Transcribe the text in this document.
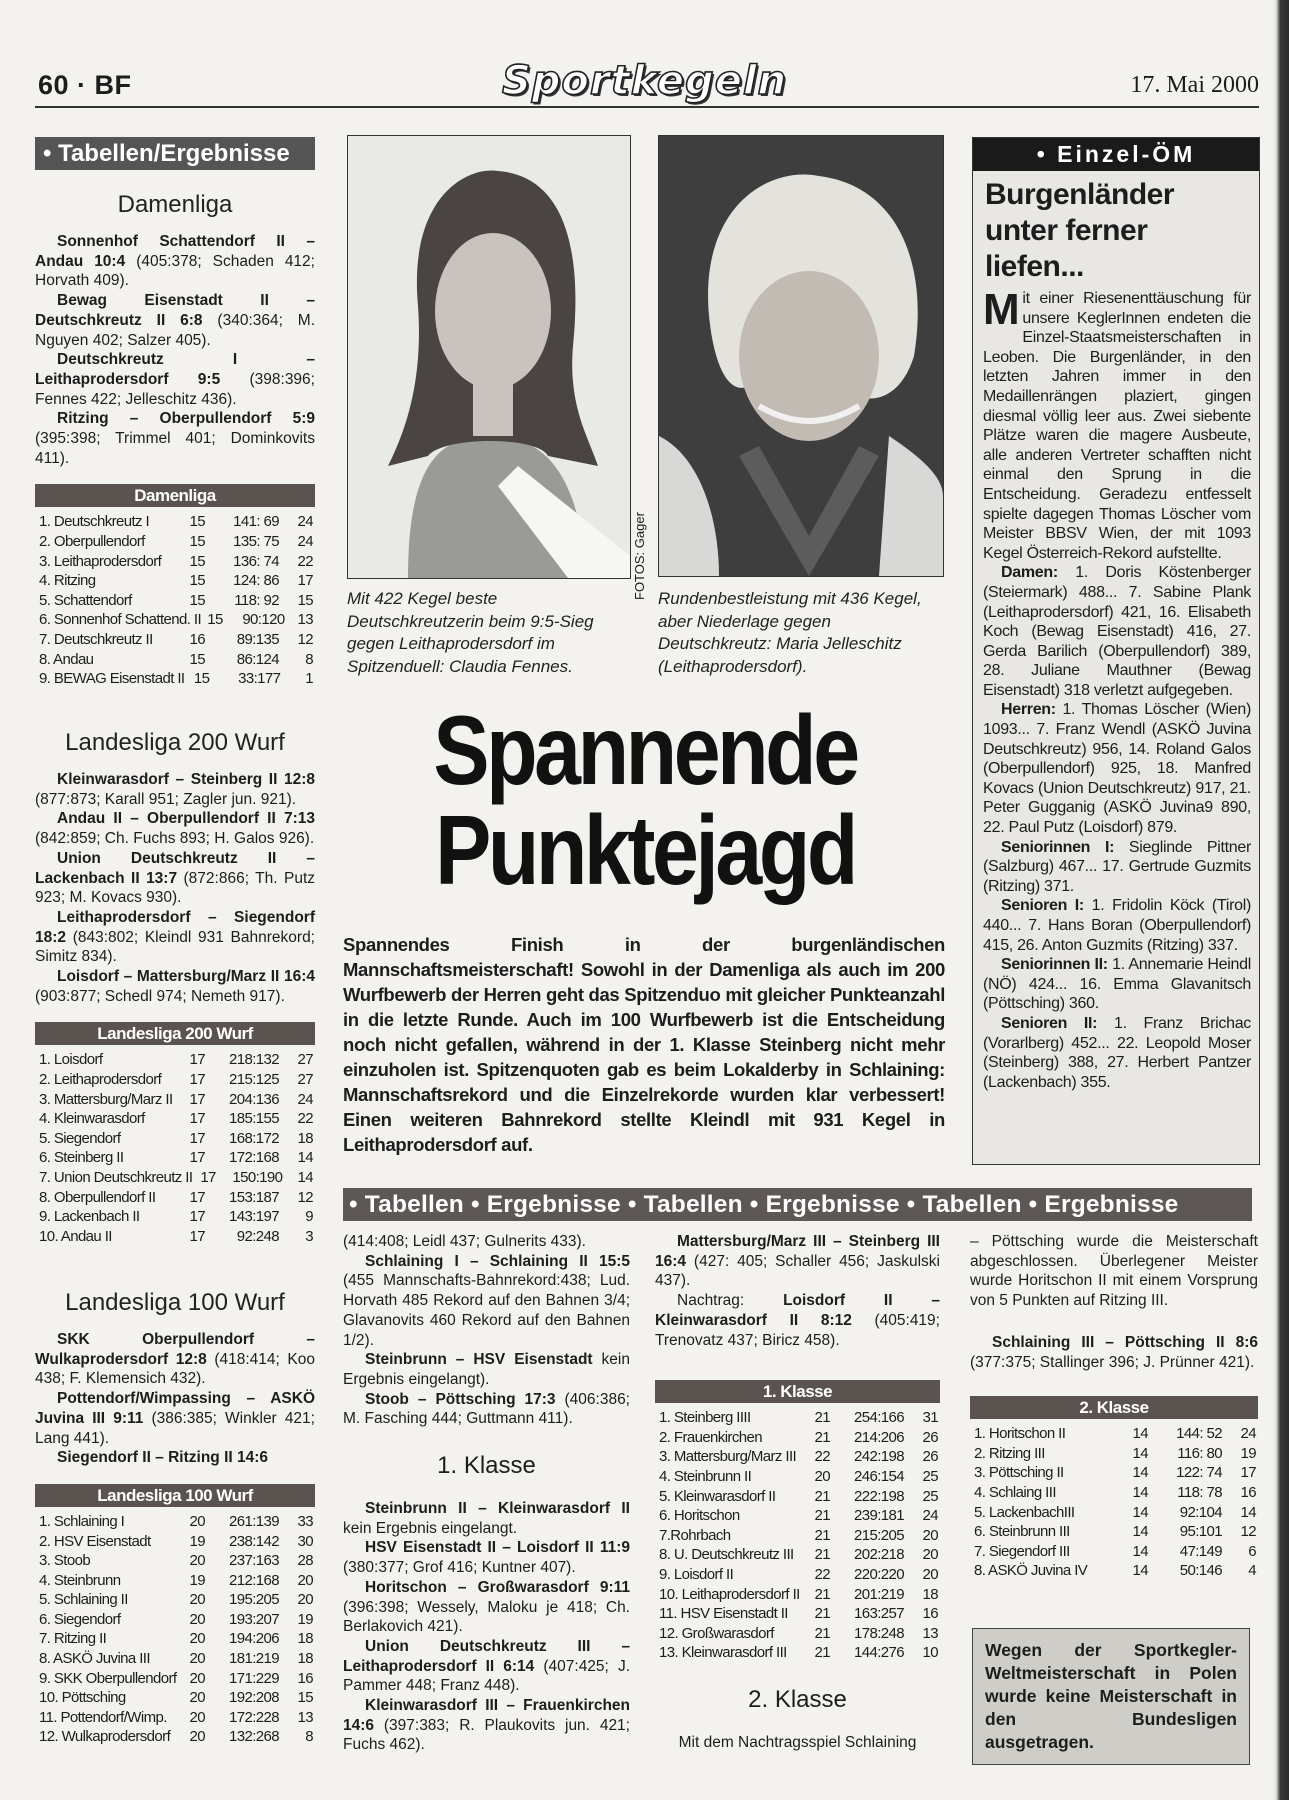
60 · BF	Sportkegeln	17. Mai 2000
• Tabellen/Ergebnisse
Damenliga

Sonnenhof Schattendorf II – Andau 10:4 (405:378; Schaden 412; Horvath 409).

Bewag Eisenstadt II – Deutschkreutz II 6:8 (340:364; M. Nguyen 402; Salzer 405).

Deutschkreutz I – Leithaprodersdorf 9:5 (398:396; Fennes 422; Jelleschitz 436).

Ritzing – Oberpullendorf 5:9 (395:398; Trimmel 401; Dominkovits 411).

Damenliga
1. Deutschkreutz I	15	141: 69	24
2. Oberpullendorf	15	135: 75	24
3. Leithaprodersdorf	15	136: 74	22
4. Ritzing	15	124: 86	17
5. Schattendorf	15	118: 92	15
6. Sonnenhof Schattend. II 15	90:120 13
7. Deutschkreutz II	16	89:135	12
8. Andau	15	86:124	8
9. BEWAG Eisenstadt II 15	33:177	1
Landesliga 200 Wurf

Kleinwarasdorf – Steinberg II 12:8 (877:873; Karall 951; Zagler jun. 921).

Andau II – Oberpullendorf II 7:13 (842:859; Ch. Fuchs 893; H. Galos 926).

Union Deutschkreutz II – Lackenbach II 13:7 (872:866; Th. Putz 923; M. Kovacs 930).

Leithaprodersdorf – Siegendorf 18:2 (843:802; Kleindl 931 Bahnrekord; Simitz 834).

Loisdorf – Mattersburg/Marz II 16:4 (903:877; Schedl 974; Nemeth 917).

Landesliga 200 Wurf
1. Loisdorf	17	218:132	27
2. Leithaprodersdorf	17	215:125	27
3. Mattersburg/Marz II	17	204:136	24
4. Kleinwarasdorf	17	185:155	22
5. Siegendorf	17	168:172	18
6. Steinberg II	17	172:168	14
7. Union Deutschkreutz II 17	150:190	14
8. Oberpullendorf II	17	153:187	12
9. Lackenbach II	17	143:197	9
10. Andau II	17	92:248	3
Landesliga 100 Wurf

SKK Oberpullendorf – Wulkaprodersdorf 12:8 (418:414; Koo 438; F. Klemensich 432).

Pottendorf/Wimpassing – ASKÖ Juvina III 9:11 (386:385; Winkler 421; Lang 441).

Siegendorf II – Ritzing II 14:6

Landesliga 100 Wurf
1. Schlaining I	20	261:139	33
2. HSV Eisenstadt	19	238:142	30
3. Stoob	20	237:163	28
4. Steinbrunn	19	212:168	20
5. Schlaining II	20	195:205	20
6. Siegendorf	20	193:207	19
7. Ritzing II	20	194:206	18
8. ASKÖ Juvina III	20	181:219	18
9. SKK Oberpullendorf 20	171:229	16
10. Pöttsching	20	192:208	15
11. Pottendorf/Wimp.	20	172:228	13
12. Wulkaprodersdorf	20	132:268	8
FOTOS: Gager
Mit 422 Kegel beste Deutschkreutzerin beim 9:5-Sieg gegen Leithaprodersdorf im Spitzenduell: Claudia Fennes.
Rundenbestleistung mit 436 Kegel, aber Niederlage gegen Deutschkreutz: Maria Jelleschitz (Leithaprodersdorf).
Spannende
Punktejagd
Spannendes Finish in der burgenländischen Mannschaftsmeisterschaft! Sowohl in der Damenliga als auch im 200 Wurfbewerb der Herren geht das Spitzenduo mit gleicher Punkteanzahl in die letzte Runde. Auch im 100 Wurfbewerb ist die Entscheidung noch nicht gefallen, während in der 1. Klasse Steinberg nicht mehr einzuholen ist. Spitzenquoten gab es beim Lokalderby in Schlaining: Mannschaftsrekord und die Einzelrekorde wurden klar verbessert! Einen weiteren Bahnrekord stellte Kleindl mit 931 Kegel in Leithaprodersdorf auf.
• Einzel-ÖM
Burgenländer unter ferner liefen...

Mit einer Riesenenttäuschung für unsere KeglerInnen endeten die Einzel-Staatsmeisterschaften in Leoben. Die Burgenländer, in den letzten Jahren immer in den Medaillenrängen plaziert, gingen diesmal völlig leer aus. Zwei siebente Plätze waren die magere Ausbeute, alle anderen Vertreter schafften nicht einmal den Sprung in die Entscheidung. Geradezu entfesselt spielte dagegen Thomas Löscher vom Meister BBSV Wien, der mit 1093 Kegel Österreich-Rekord aufstellte.

Damen: 1. Doris Köstenberger (Steiermark) 488... 7. Sabine Plank (Leithaprodersdorf) 421, 16. Elisabeth Koch (Bewag Eisenstadt) 416, 27. Gerda Barilich (Oberpullendorf) 389, 28. Juliane Mauthner (Bewag Eisenstadt) 318 verletzt aufgegeben.

Herren: 1. Thomas Löscher (Wien) 1093... 7. Franz Wendl (ASKÖ Juvina Deutschkreutz) 956, 14. Roland Galos (Oberpullendorf) 925, 18. Manfred Kovacs (Union Deutschkreutz) 917, 21. Peter Gugganig (ASKÖ Juvina9 890, 22. Paul Putz (Loisdorf) 879.

Seniorinnen I: Sieglinde Pittner (Salzburg) 467... 17. Gertrude Guzmits (Ritzing) 371.

Senioren I: 1. Fridolin Köck (Tirol) 440... 7. Hans Boran (Oberpullendorf) 415, 26. Anton Guzmits (Ritzing) 337.

Seniorinnen II: 1. Annemarie Heindl (NÖ) 424... 16. Emma Glavanitsch (Pöttsching) 360.

Senioren II: 1. Franz Brichac (Vorarlberg) 452... 22. Leopold Moser (Steinberg) 388, 27. Herbert Pantzer (Lackenbach) 355.

• Tabellen • Ergebnisse • Tabellen • Ergebnisse • Tabellen • Ergebnisse

(414:408; Leidl 437; Gulnerits 433).

Schlaining I – Schlaining II 15:5 (455 Mannschafts-Bahnrekord:438; Lud. Horvath 485 Rekord auf den Bahnen 3/4; Glavanovits 460 Rekord auf den Bahnen 1/2).

Steinbrunn – HSV Eisenstadt kein Ergebnis eingelangt).

Stoob – Pöttsching 17:3 (406:386; M. Fasching 444; Guttmann 411).

1. Klasse

Steinbrunn II – Kleinwarasdorf II kein Ergebnis eingelangt.

HSV Eisenstadt II – Loisdorf II 11:9 (380:377; Grof 416; Kuntner 407).

Horitschon – Großwarasdorf 9:11 (396:398; Wessely, Maloku je 418; Ch. Berlakovich 421).

Union Deutschkreutz III – Leithaprodersdorf II 6:14 (407:425; J. Pammer 448; Franz 448).

Kleinwarasdorf III – Frauenkirchen 14:6 (397:383; R. Plaukovits jun. 421; Fuchs 462).

Mattersburg/Marz III – Steinberg III 16:4 (427: 405; Schaller 456; Jaskulski 437).

Nachtrag: Loisdorf II – Kleinwarasdorf II 8:12 (405:419; Trenovatz 437; Biricz 458).

1. Klasse
1. Steinberg IIII	21	254:166	31
2. Frauenkirchen	21	214:206	26
3. Mattersburg/Marz III	22	242:198	26
4. Steinbrunn II	20	246:154	25
5. Kleinwarasdorf II	21	222:198	25
6. Horitschon	21	239:181	24
7.Rohrbach	21	215:205	20
8. U. Deutschkreutz III	21	202:218	20
9. Loisdorf II	22	220:220	20
10. Leithaprodersdorf II 21	201:219	18
11. HSV Eisenstadt II	21	163:257	16
12. Großwarasdorf	21	178:248	13
13. Kleinwarasdorf III	21	144:276	10
2. Klasse

Mit dem Nachtragsspiel Schlaining

– Pöttsching wurde die Meisterschaft abgeschlossen. Überlegener Meister wurde Horitschon II mit einem Vorsprung von 5 Punkten auf Ritzing III.

Schlaining III – Pöttsching II 8:6 (377:375; Stallinger 396; J. Prünner 421).

2. Klasse
1. Horitschon II	14	144: 52	24
2. Ritzing III	14	116: 80	19
3. Pöttsching II	14	122: 74	17
4. Schlaing III	14	118: 78	16
5. LackenbachIII	14	92:104	14
6. Steinbrunn III	14	95:101	12
7. Siegendorf III	14	47:149	6
8. ASKÖ Juvina IV	14	50:146	4
Wegen der Sportkegler-Weltmeisterschaft in Polen wurde keine Meisterschaft in den Bundesligen ausgetragen.
